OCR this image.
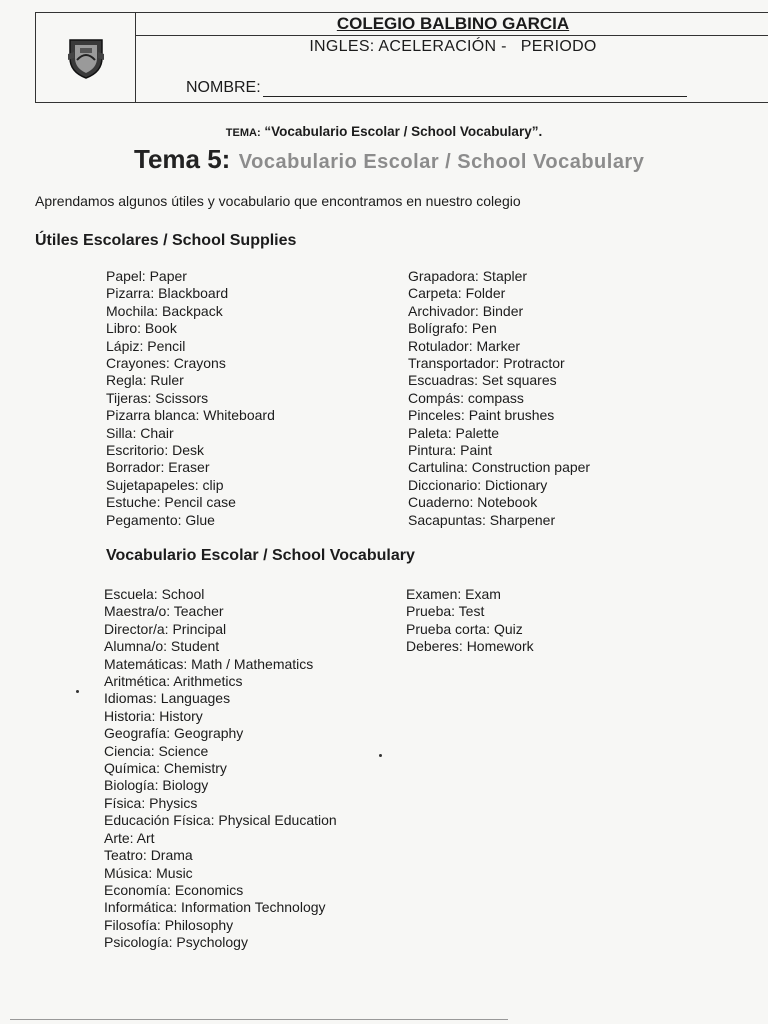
COLEGIO BALBINO GARCIA
INGLES: ACELERACIÓN - PERIODO
NOMBRE:
TEMA: “Vocabulario Escolar / School Vocabulary”.
Tema 5: Vocabulario Escolar / School Vocabulary
Aprendamos algunos útiles y vocabulario que encontramos en nuestro colegio
Útiles Escolares / School Supplies
Papel: Paper
Pizarra: Blackboard
Mochila: Backpack
Libro: Book
Lápiz: Pencil
Crayones: Crayons
Regla: Ruler
Tijeras: Scissors
Pizarra blanca: Whiteboard
Silla: Chair
Escritorio: Desk
Borrador: Eraser
Sujetapapeles: clip
Estuche: Pencil case
Pegamento: Glue
Grapadora: Stapler
Carpeta: Folder
Archivador: Binder
Bolígrafo: Pen
Rotulador: Marker
Transportador: Protractor
Escuadras: Set squares
Compás: compass
Pinceles: Paint brushes
Paleta: Palette
Pintura: Paint
Cartulina: Construction paper
Diccionario: Dictionary
Cuaderno: Notebook
Sacapuntas: Sharpener
Vocabulario Escolar / School Vocabulary
Escuela: School
Maestra/o: Teacher
Director/a: Principal
Alumna/o: Student
Matemáticas: Math / Mathematics
Aritmética: Arithmetics
Idiomas: Languages
Historia: History
Geografía: Geography
Ciencia: Science
Química: Chemistry
Biología: Biology
Física: Physics
Educación Física: Physical Education
Arte: Art
Teatro: Drama
Música: Music
Economía: Economics
Informática: Information Technology
Filosofía: Philosophy
Psicología: Psychology
Examen: Exam
Prueba: Test
Prueba corta: Quiz
Deberes: Homework
